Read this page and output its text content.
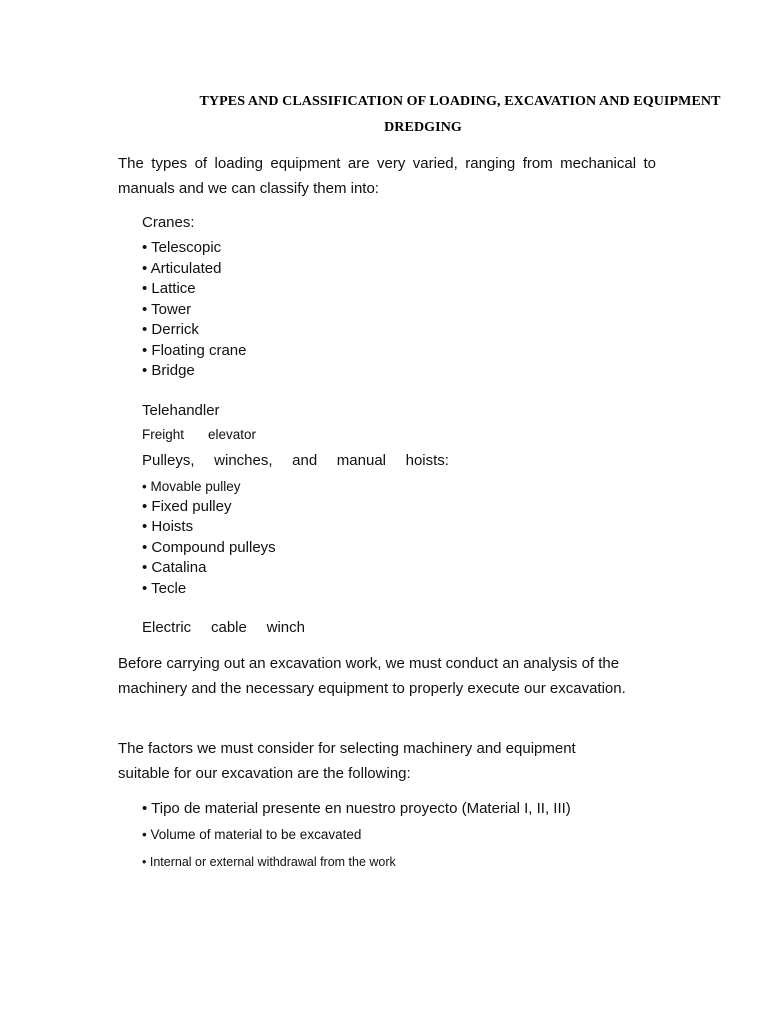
TYPES AND CLASSIFICATION OF LOADING, EXCAVATION AND EQUIPMENT
DREDGING

The types of loading equipment are very varied, ranging from mechanical to manuals and we can classify them into:

Cranes:
• Telescopic
• Articulated
• Lattice
• Tower
• Derrick
• Floating crane
• Bridge
Telehandler
Freight elevator
Pulleys, winches, and manual hoists:
• Movable pulley
• Fixed pulley
• Hoists
• Compound pulleys
• Catalina
• Tecle
Electric cable winch

Before carrying out an excavation work, we must conduct an analysis of the machinery and the necessary equipment to properly execute our excavation.

The factors we must consider for selecting machinery and equipment suitable for our excavation are the following:

• Tipo de material presente en nuestro proyecto (Material I, II, III)
• Volume of material to be excavated
• Internal or external withdrawal from the work
